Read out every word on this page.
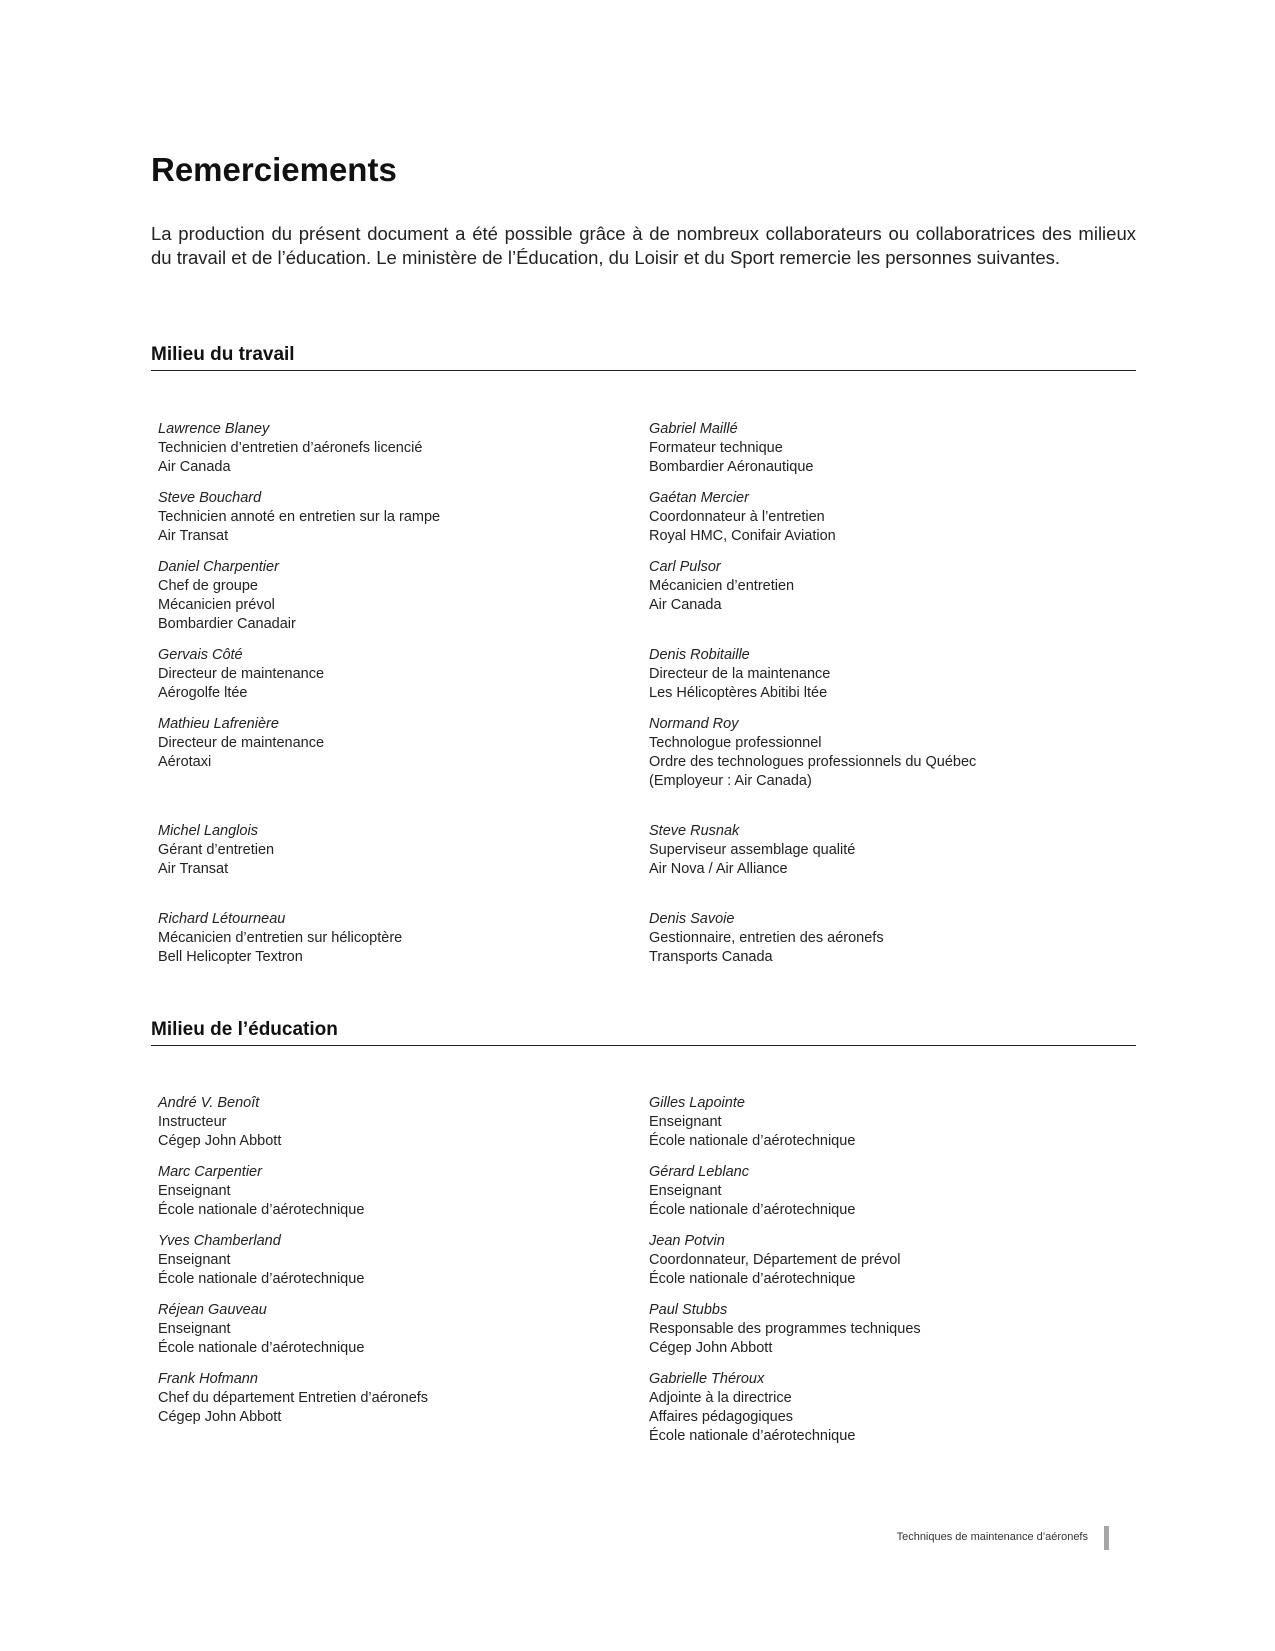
Remerciements

La production du présent document a été possible grâce à de nombreux collaborateurs ou collaboratrices des milieux du travail et de l’éducation. Le ministère de l’Éducation, du Loisir et du Sport remercie les personnes suivantes.

Milieu du travail
Lawrence Blaney
Technicien d’entretien d’aéronefs licencié
Air Canada
Gabriel Maillé
Formateur technique
Bombardier Aéronautique
Steve Bouchard
Technicien annoté en entretien sur la rampe
Air Transat
Gaétan Mercier
Coordonnateur à l’entretien
Royal HMC, Conifair Aviation
Daniel Charpentier
Chef de groupe
Mécanicien prévol
Bombardier Canadair
Carl Pulsor
Mécanicien d’entretien
Air Canada
Gervais Côté
Directeur de maintenance
Aérogolfe ltée
Denis Robitaille
Directeur de la maintenance
Les Hélicoptères Abitibi ltée
Mathieu Lafrenière
Directeur de maintenance
Aérotaxi
Normand Roy
Technologue professionnel
Ordre des technologues professionnels du Québec
(Employeur : Air Canada)
Michel Langlois
Gérant d’entretien
Air Transat
Steve Rusnak
Superviseur assemblage qualité
Air Nova / Air Alliance
Richard Létourneau
Mécanicien d’entretien sur hélicoptère
Bell Helicopter Textron
Denis Savoie
Gestionnaire, entretien des aéronefs
Transports Canada
Milieu de l’éducation
André V. Benoît
Instructeur
Cégep John Abbott
Gilles Lapointe
Enseignant
École nationale d’aérotechnique
Marc Carpentier
Enseignant
École nationale d’aérotechnique
Gérard Leblanc
Enseignant
École nationale d’aérotechnique
Yves Chamberland
Enseignant
École nationale d’aérotechnique
Jean Potvin
Coordonnateur, Département de prévol
École nationale d’aérotechnique
Réjean Gauveau
Enseignant
École nationale d’aérotechnique
Paul Stubbs
Responsable des programmes techniques
Cégep John Abbott
Frank Hofmann
Chef du département Entretien d’aéronefs
Cégep John Abbott
Gabrielle Théroux
Adjointe à la directrice
Affaires pédagogiques
École nationale d’aérotechnique
Techniques de maintenance d’aéronefs
